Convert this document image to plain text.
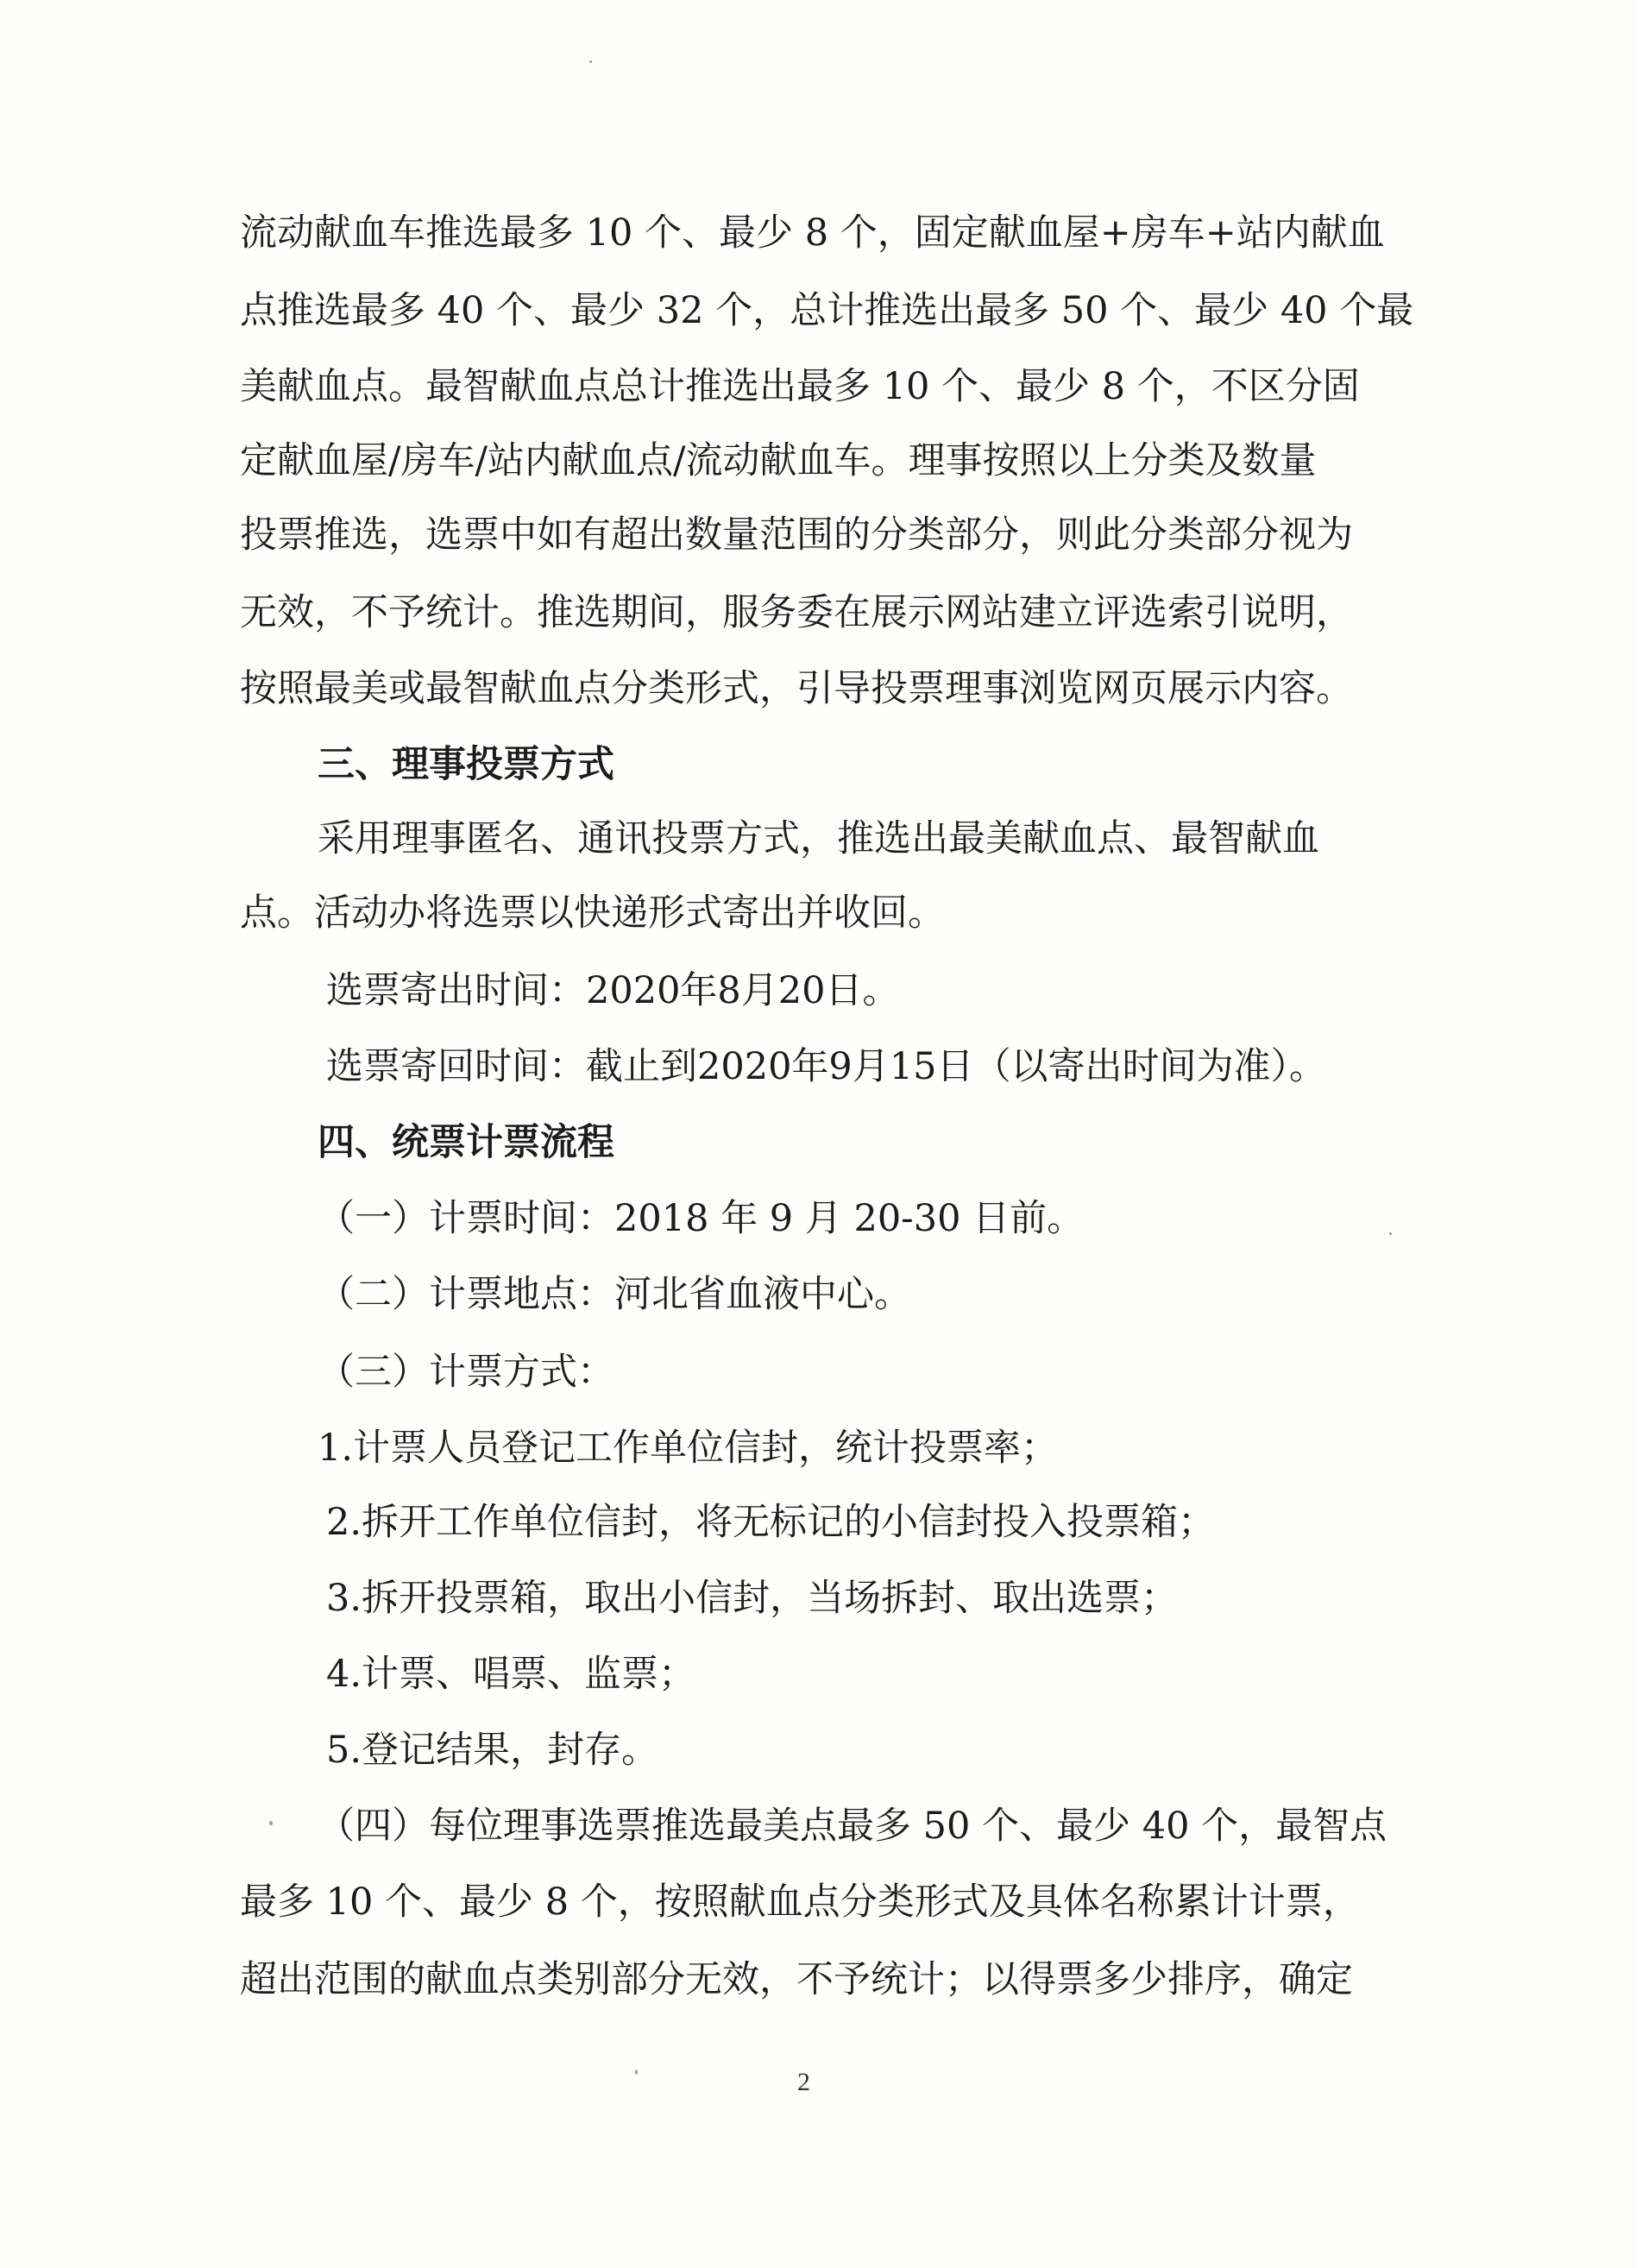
流动献血车推选最多 10 个、最少 8 个，固定献血屋+房车+站内献血
点推选最多 40 个、最少 32 个，总计推选出最多 50 个、最少 40 个最
美献血点。最智献血点总计推选出最多 10 个、最少 8 个，不区分固
定献血屋/房车/站内献血点/流动献血车。理事按照以上分类及数量
投票推选，选票中如有超出数量范围的分类部分，则此分类部分视为
无效，不予统计。推选期间，服务委在展示网站建立评选索引说明，
按照最美或最智献血点分类形式，引导投票理事浏览网页展示内容。
三、理事投票方式
采用理事匿名、通讯投票方式，推选出最美献血点、最智献血
点。活动办将选票以快递形式寄出并收回。
选票寄出时间：2020年8月20日。
选票寄回时间：截止到2020年9月15日（以寄出时间为准）。
四、统票计票流程
（一）计票时间：2018 年 9 月 20-30 日前。
（二）计票地点：河北省血液中心。
（三）计票方式：
1.计票人员登记工作单位信封，统计投票率；
2.拆开工作单位信封，将无标记的小信封投入投票箱；
3.拆开投票箱，取出小信封，当场拆封、取出选票；
4.计票、唱票、监票；
5.登记结果，封存。
（四）每位理事选票推选最美点最多 50 个、最少 40 个，最智点
最多 10 个、最少 8 个，按照献血点分类形式及具体名称累计计票，
超出范围的献血点类别部分无效，不予统计；以得票多少排序，确定
2
